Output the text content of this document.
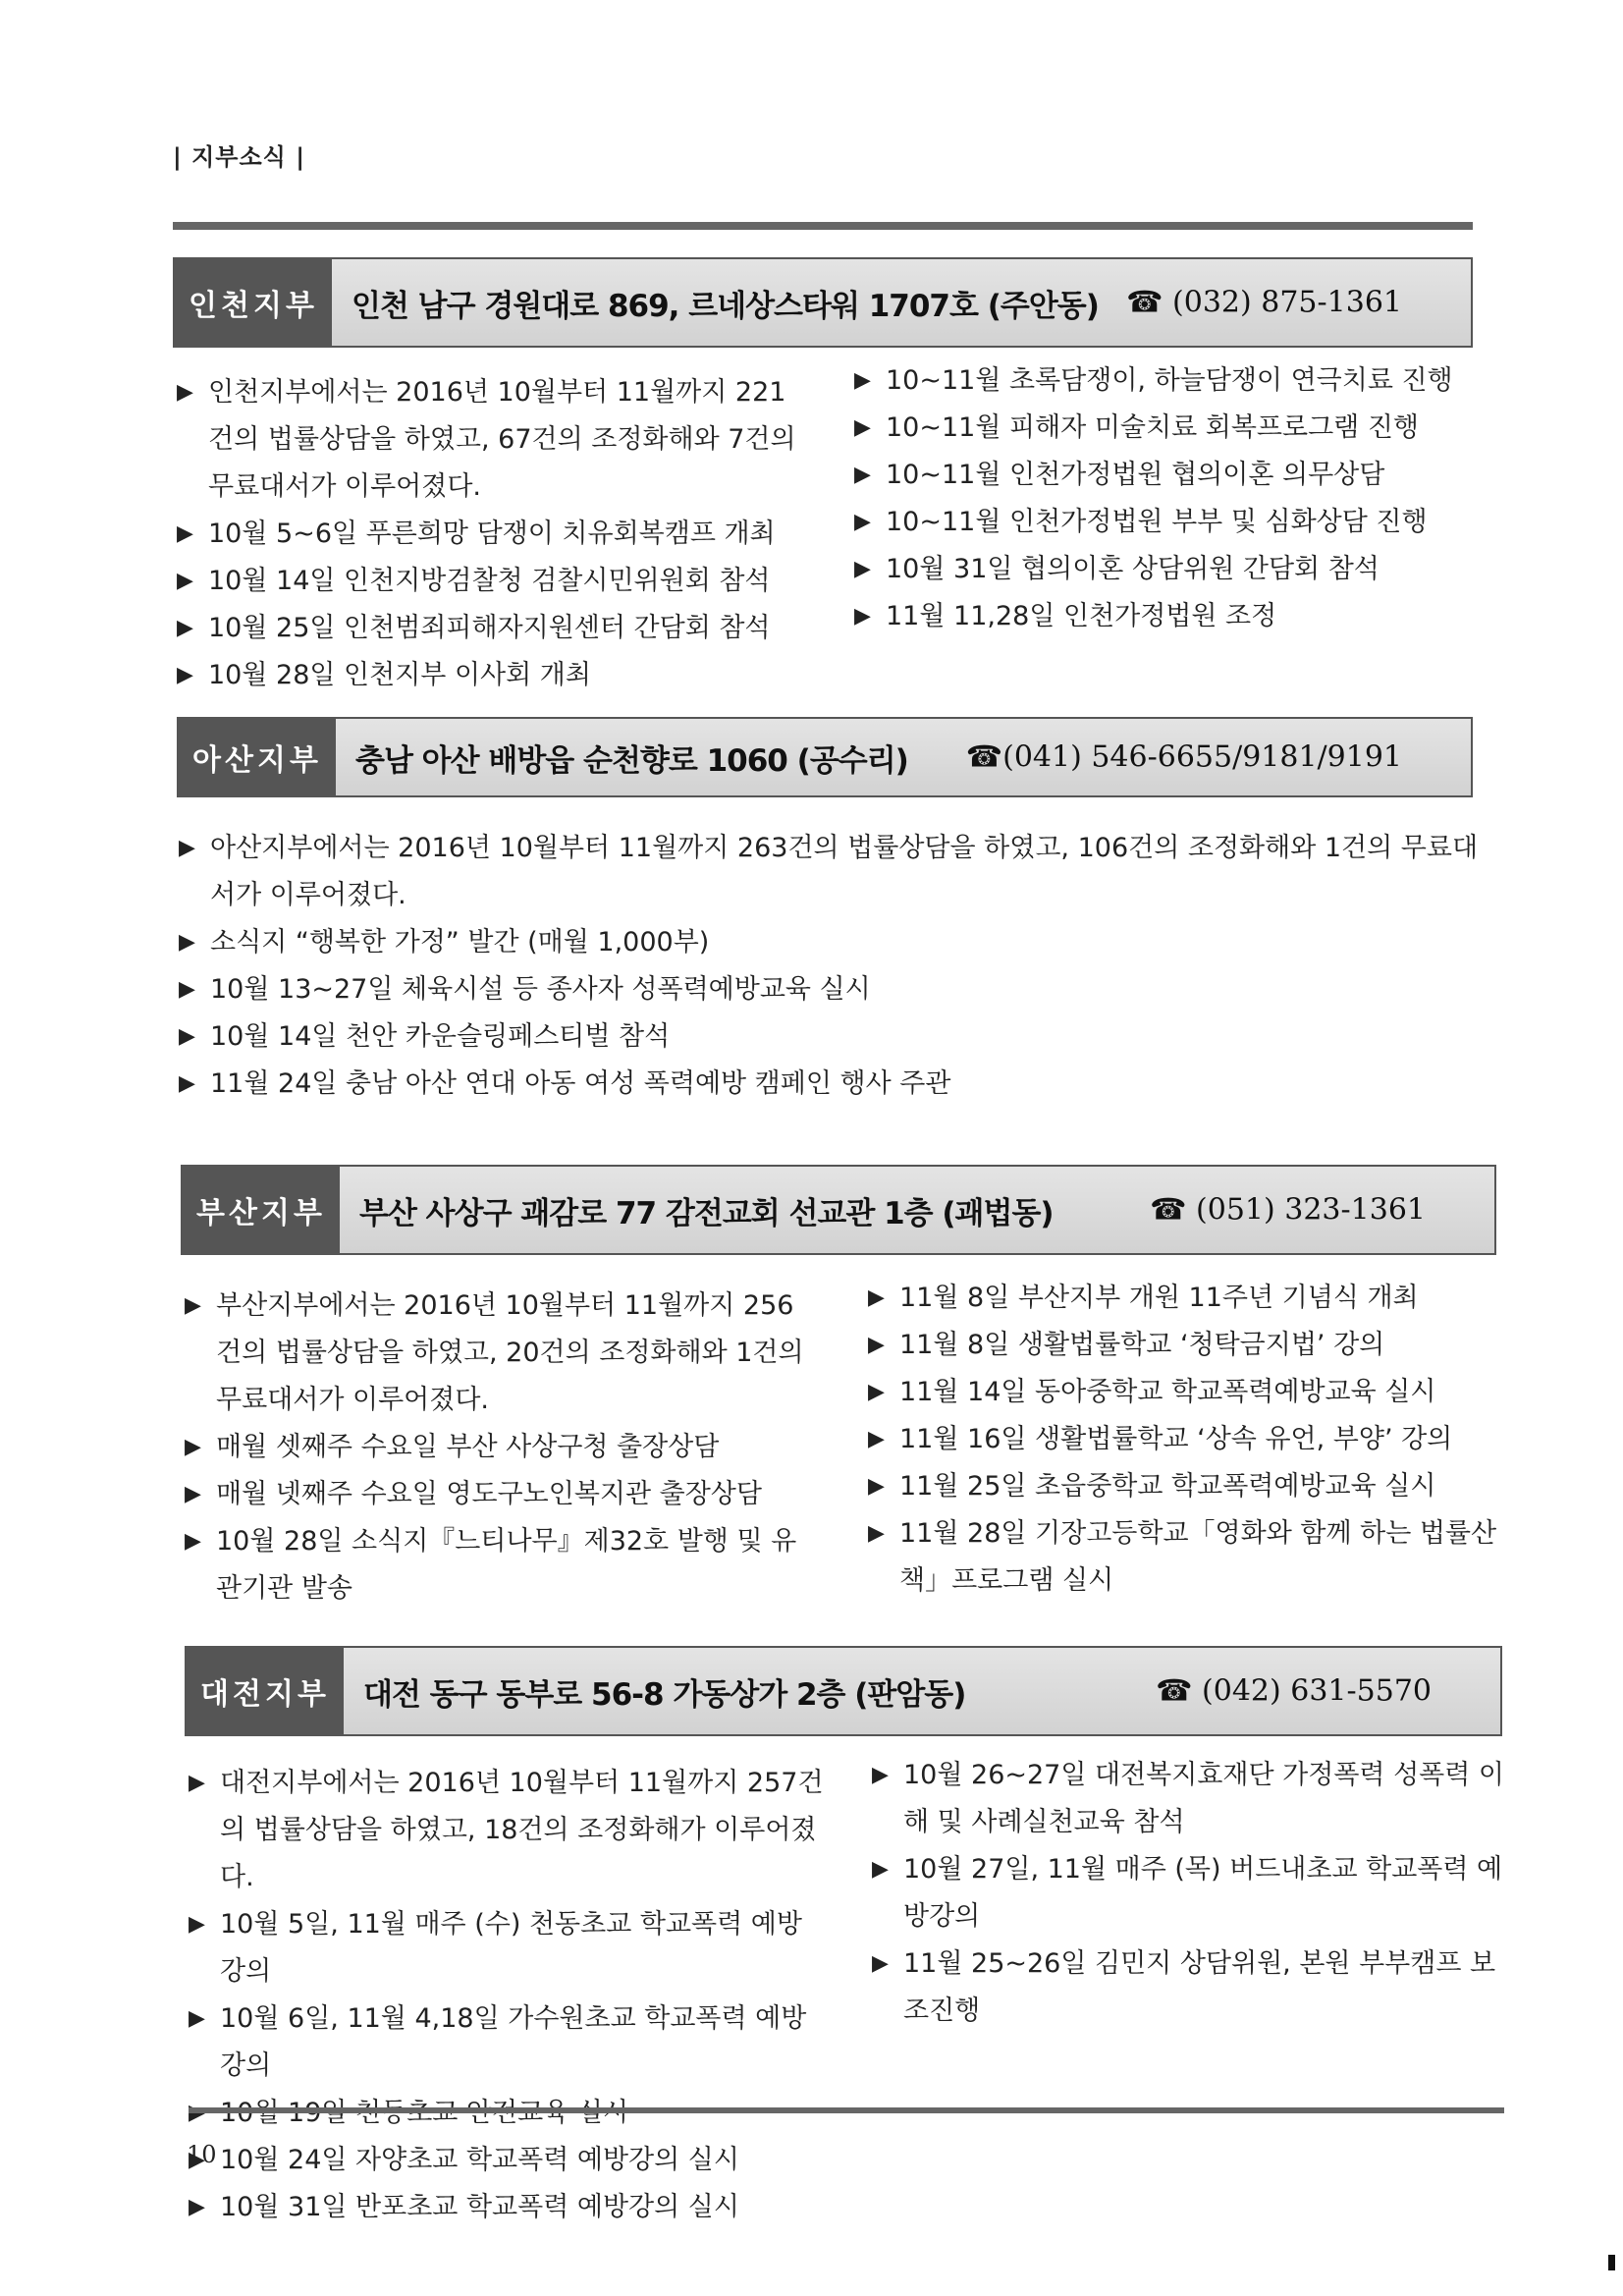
| 지부소식 |
인천지부	인천 남구 경원대로 869, 르네상스타워 1707호 (주안동) ☎ (032) 875-1361
▶ 인천지부에서는 2016년 10월부터 11월까지 221건의 법률상담을 하였고, 67건의 조정화해와 7건의 무료대서가 이루어졌다.
▶ 10월 5~6일 푸른희망 담쟁이 치유회복캠프 개최
▶ 10월 14일 인천지방검찰청 검찰시민위원회 참석
▶ 10월 25일 인천범죄피해자지원센터 간담회 참석
▶ 10월 28일 인천지부 이사회 개최
▶ 10~11월 초록담쟁이, 하늘담쟁이 연극치료 진행
▶ 10~11월 피해자 미술치료 회복프로그램 진행
▶ 10~11월 인천가정법원 협의이혼 의무상담
▶ 10~11월 인천가정법원 부부 및 심화상담 진행
▶ 10월 31일 협의이혼 상담위원 간담회 참석
▶ 11월 11,28일 인천가정법원 조정
아산지부	충남 아산 배방읍 순천향로 1060 (공수리) ☎(041) 546-6655/9181/9191
▶ 아산지부에서는 2016년 10월부터 11월까지 263건의 법률상담을 하였고, 106건의 조정화해와 1건의 무료대서가 이루어졌다.
▶ 소식지 “행복한 가정” 발간 (매월 1,000부)
▶ 10월 13~27일 체육시설 등 종사자 성폭력예방교육 실시
▶ 10월 14일 천안 카운슬링페스티벌 참석
▶ 11월 24일 충남 아산 연대 아동 여성 폭력예방 캠페인 행사 주관
부산지부	부산 사상구 괘감로 77 감전교회 선교관 1층 (괘법동)	☎ (051) 323-1361
▶ 부산지부에서는 2016년 10월부터 11월까지 256건의 법률상담을 하였고, 20건의 조정화해와 1건의 무료대서가 이루어졌다.
▶ 매월 셋째주 수요일 부산 사상구청 출장상담
▶ 매월 넷째주 수요일 영도구노인복지관 출장상담
▶ 10월 28일 소식지『느티나무』제32호 발행 및 유관기관 발송
▶ 11월 8일 부산지부 개원 11주년 기념식 개최
▶ 11월 8일 생활법률학교 ‘청탁금지법’ 강의
▶ 11월 14일 동아중학교 학교폭력예방교육 실시
▶ 11월 16일 생활법률학교 ‘상속 유언, 부양’ 강의
▶ 11월 25일 초읍중학교 학교폭력예방교육 실시
▶ 11월 28일 기장고등학교「영화와 함께 하는 법률산책」프로그램 실시
대전지부	대전 동구 동부로 56-8 가동상가 2층 (판암동)	☎ (042) 631-5570
▶ 대전지부에서는 2016년 10월부터 11월까지 257건의 법률상담을 하였고, 18건의 조정화해가 이루어졌다.
▶ 10월 5일, 11월 매주 (수) 천동초교 학교폭력 예방강의
▶ 10월 6일, 11월 4,18일 가수원초교 학교폭력 예방강의
▶
▶ 10월 24일 자양초교 학교폭력 예방강의 실시
▶ 10월 31일 반포초교 학교폭력 예방강의 실시
▶ 10월 26~27일 대전복지효재단 가정폭력 성폭력 이해 및 사례실천교육 참석
▶ 10월 27일, 11월 매주 (목) 버드내초교 학교폭력 예방강의
▶ 11월 25~26일 김민지 상담위원, 본원 부부캠프 보조진행
10
